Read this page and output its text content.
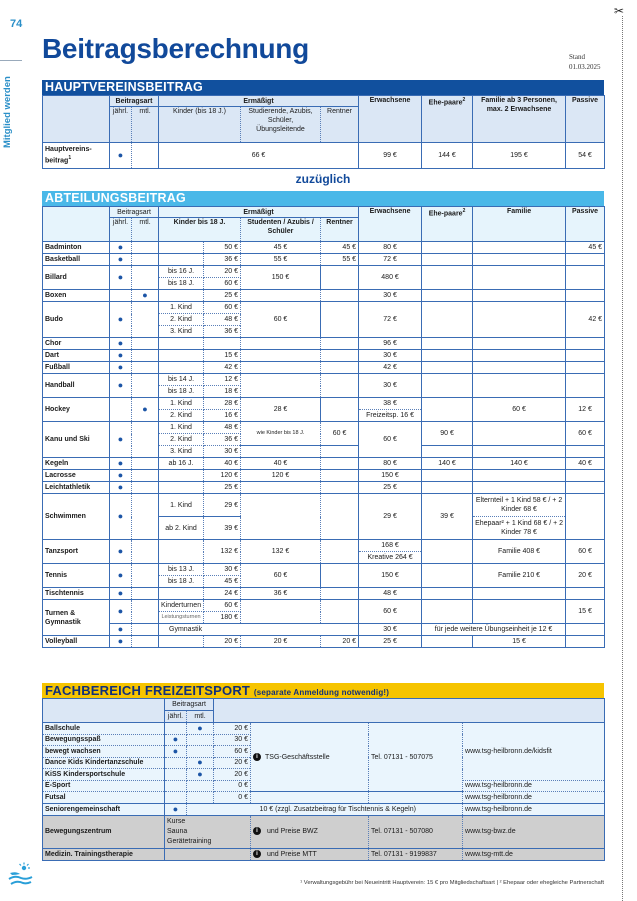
74
Mitglied werden
✂
Beitragsberechnung	Stand
01.03.2025
HAUPTVEREINSBEITRAG
	Beitragsart		Ermäßigt			Erwachsene	Ehe-paare$^2$	Familie ab 3 Personen, max. 2 Erwachsene	Passive
	jährl.	mtl.	Kinder (bis 18 J.)	Studierende, Azubis, Schüler, Übungsleitende	Rentner				
Hauptvereins-beitrag$^1$	●		66 €			99 €	144 €	195 €	54 €
zuzüglich
ABTEILUNGSBEITRAG
	Beitragsart		Ermäßigt				Erwachsene	Ehe-paare$^2$	Familie	Passive
	jährl.	mtl.	Kinder bis 18 J.		Studenten / Azubis / Schüler	Rentner				
Badminton	●			50 €	45 €	45 €	80 €			45 €
Basketball	●			36 €	55 €	55 €	72 €			
Billard	●		bis 16 J.	20 €	150 €		480 €			
			bis 18 J.	60 €						
Boxen		●		25 €			30 €			
Budo	●		1. Kind	60 €	60 €		72 €			42 €
			2. Kind	48 €						
			3. Kind	36 €						
Chor	●						96 €			
Dart	●			15 €			30 €			
Fußball	●			42 €			42 €			
Handball	●		bis 14 J.	12 €			30 €			
			bis 18 J.	18 €						
Hockey		●	1. Kind	28 €	28 €		38 €		60 €	12 €
			2. Kind	16 €			Freizeitsp. 16 €			
Kanu und Ski	●		1. Kind	48 €	wie Kinder bis 18 J.	60 €	60 €	90 €		60 €
			2. Kind	36 €						
			3. Kind	30 €						
Kegeln	●		ab 16 J.	40 €	40 €		80 €	140 €	140 €	40 €
Lacrosse	●			120 €	120 €		150 €			
Leichtathletik	●			25 €			25 €			
Schwimmen	●		1. Kind	29 €			29 €	39 €	Elternteil + 1 Kind 58 € / + 2 Kinder 68 €	
			ab 2. Kind	39 €					Ehepaar² + 1 Kind 68 € / + 2 Kinder 78 €	
Tanzsport	●			132 €	132 €		168 €		Familie 408 €	60 €
							Kreative 264 €			
Tennis	●		bis 13 J.	30 €	60 €		150 €		Familie 210 €	20 €
			bis 18 J.	45 €						
Tischtennis	●			24 €	36 €		48 €			
Turnen & Gymnastik	●		Kinderturnen	60 €			60 €			15 €
			Leistungsturnen	180 €						
	●		Gymnastik				30 €	für jede weitere Übungseinheit je 12 €		
Volleyball	●			20 €	20 €	20 €	25 €		15 €	
FACHBEREICH FREIZEITSPORT (separate Anmeldung notwendig!)
	Beitragsart					
	jährl.	mtl.				
Ballschule		●	20 €	i TSG-Geschäftsstelle	Tel. 07131 - 507075	www.tsg-heilbronn.de/kidsfit
Bewegungsspaß	●		30 €			
bewegt wachsen	●		60 €			
Dance Kids Kindertanzschule		●	20 €			
KiSS Kindersportschule		●	20 €			
E-Sport			0 €			www.tsg-heilbronn.de
Futsal			0 €			www.tsg-heilbronn.de
Seniorengemeinschaft	●		10 € (zzgl. Zusatzbeitrag für Tischtennis & Kegeln)			www.tsg-heilbronn.de
Bewegungszentrum	Kurse
Sauna
Gerätetraining			i und Preise BWZ	Tel. 07131 - 507080	www.tsg-bwz.de
Medizin. Trainingstherapie				i und Preise MTT	Tel. 07131 - 9199837	www.tsg-mtt.de
¹ Verwaltungsgebühr bei Neueintritt Hauptverein: 15 € pro Mitgliedschaftsart | ² Ehepaar oder eheglеiche Partnerschaft
